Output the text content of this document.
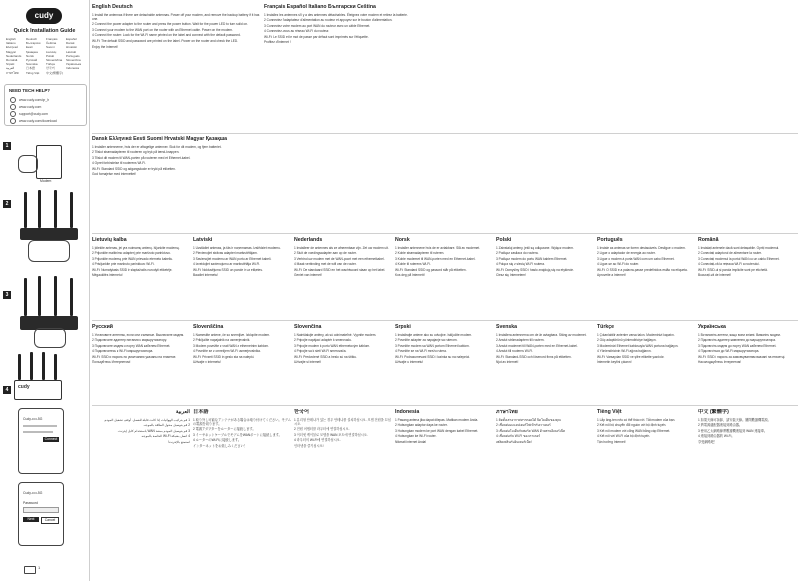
cudy
Quick Installation Guide
English	Deutsch	Français	Español
Italiano	Български	Čeština	Dansk
Ελληνικά	Eesti	Suomi	Hrvatski
Magyar	Қазақша	Lietuvių	Latviski
Nederlands	Norsk	Polski	Português
Română	Русский	Slovenščina	Slovenčina
Srpski	Svenska	Türkçe	Українська
العربية	日本語	한국어	Indonesia
ภาษาไทย	Tiếng Việt	中文(繁體字)
NEED TECH HELP?
www.cudy.com/qr_h
www.cudy.com
support@cudy.com
www.cudy.com/download
1
Modem
2
3
4	cudy
Cudy-••••-5G
Connect
Cudy-••••-5G
Password
Next	Cancel
1
English Deutsch

1 Install the antennas if there are detachable antennas. Power off your modem, and remove the backup battery if it has one.

2 Connect the power adapter to the router and press the power button. Wait for the power LED to turn solid on.

3 Connect your modem to the WAN port on the router with an Ethernet cable. Power on the modem.

4 Connect the router: Look for the Wi-Fi name printed on the label and connect with the default password.

Wi-Fi: The default SSID and password are printed on the label. Power on the router and check the LED.

Enjoy the Internet!

Français Español Italiano Български Čeština

1 Installez les antennes s'il y a des antennes détachables. Éteignez votre modem et retirez la batterie.

2 Connectez l'adaptateur d'alimentation au routeur et appuyez sur le bouton d'alimentation.

3 Connectez votre modem au port WAN du routeur avec un câble Ethernet.

4 Connectez-vous au réseau Wi-Fi du routeur.

Wi-Fi: Le SSID et le mot de passe par défaut sont imprimés sur l'étiquette.

Profitez d'Internet !

Dansk Ελληνικά Eesti Suomi Hrvatski Magyar Қазақша

1 Installer antennerne, hvis der er aftagelige antenner. Sluk for dit modem, og fjern batteriet.

2 Tilslut strømadapteren til routeren og tryk på tænd-knappen.

3 Tilslut dit modem til WAN-porten på routeren med et Ethernet-kabel.

4 Opret forbindelse til routerens Wi-Fi.

Wi-Fi: Standard SSID og adgangskode er trykt på etiketten.

God fornøjelse med internettet!

Lietuvių kalba

1 Įdiekite antenas, jei yra nuimamų antenų. Išjunkite modemą.

2 Prijunkite maitinimo adapterį prie maršruto parinktuvo.

3 Prijunkite modemą prie WAN prievado eterneto kabeliu.

4 Prisijunkite prie maršruto parinktuvo Wi-Fi.

Wi-Fi: Numatytasis SSID ir slaptažodis nurodyti etiketėje.

Mėgaukitės internetu!

Latviski

1 Uzstādiet antenas, ja tās ir noņemamas. Izslēdziet modemu.

2 Pievienojiet strāvas adapteri maršrutētājam.

3 Savienojiet modemu ar WAN portu ar Ethernet kabeli.

4 Izveidojiet savienojumu ar maršrutētāja Wi-Fi.

Wi-Fi: Noklusējuma SSID un parole ir uz etiķetes.

Baudiet internetu!

Nederlands

1 Installeer de antennes als ze afneembaar zijn. Zet uw modem uit.

2 Sluit de voedingsadapter aan op de router.

3 Verbind uw modem met de WAN-poort met een ethernetkabel.

4 Maak verbinding met de wifi van de router.

Wi-Fi: De standaard SSID en het wachtwoord staan op het label.

Geniet van internet!

Norsk

1 Installer antennene hvis de er avtakbare. Slå av modemet.

2 Koble strømadapteren til ruteren.

3 Koble modemet til WAN-porten med en Ethernet-kabel.

4 Koble til ruterens Wi-Fi.

Wi-Fi: Standard SSID og passord står på etiketten.

Kos deg på Internett!

Polski

1 Zainstaluj anteny, jeśli są odłączane. Wyłącz modem.

2 Podłącz zasilacz do routera.

3 Podłącz modem do portu WAN kablem Ethernet.

4 Połącz się z siecią Wi-Fi routera.

Wi-Fi: Domyślny SSID i hasło znajdują się na etykiecie.

Ciesz się Internetem!

Português

1 Instale as antenas se forem destacáveis. Desligue o modem.

2 Ligue o adaptador de energia ao router.

3 Ligue o modem à porta WAN com um cabo Ethernet.

4 Ligue-se ao Wi-Fi do router.

Wi-Fi: O SSID e a palavra-passe predefinidos estão na etiqueta.

Aproveite a Internet!

Română

1 Instalați antenele dacă sunt detașabile. Opriți modemul.

2 Conectați adaptorul de alimentare la router.

3 Conectați modemul la portul WAN cu un cablu Ethernet.

4 Conectați-vă la rețeaua Wi-Fi a routerului.

Wi-Fi: SSID-ul și parola implicite sunt pe etichetă.

Bucurați-vă de internet!

Русский

1 Установите антенны, если они съемные. Выключите модем.

2 Подключите адаптер питания к маршрутизатору.

3 Подключите модем к порту WAN кабелем Ethernet.

4 Подключитесь к Wi-Fi маршрутизатора.

Wi-Fi: SSID и пароль по умолчанию указаны на этикетке.

Пользуйтесь Интернетом!

Slovenščina

1 Namestite antene, če so snemljive. Izklopite modem.

2 Priključite napajalnik na usmerjevalnik.

3 Modem povežite z vrati WAN z ethernetnim kablom.

4 Povežite se z omrežjem Wi-Fi usmerjevalnika.

Wi-Fi: Privzeti SSID in geslo sta na nalepki.

Uživajte v internetu!

Slovenčina

1 Nainštalujte antény, ak sú odnímateľné. Vypnite modem.

2 Pripojte napájací adaptér k smerovaču.

3 Pripojte modem k portu WAN ethernetovým káblom.

4 Pripojte sa k sieti Wi-Fi smerovača.

Wi-Fi: Predvolené SSID a heslo sú na štítku.

Užívajte si internet!

Srpski

1 Instalirajte antene ako su odvojive. Isključite modem.

2 Povežite adapter za napajanje sa ruterom.

3 Povežite modem sa WAN portom Ethernet kablom.

4 Povežite se na Wi-Fi mrežu rutera.

Wi-Fi: Podrazumevani SSID i lozinka su na nalepnici.

Uživajte u internetu!

Svenska

1 Installera antennerna om de är avtagbara. Stäng av modemet.

2 Anslut strömadaptern till routern.

3 Anslut modemet till WAN-porten med en Ethernet-kabel.

4 Anslut till routerns Wi-Fi.

Wi-Fi: Standard-SSID och lösenord finns på etiketten.

Njut av internet!

Türkçe

1 Çıkarılabilir antenler varsa takın. Modeminizi kapatın.

2 Güç adaptörünü yönlendiriciye bağlayın.

3 Modeminizi Ethernet kablosuyla WAN portuna bağlayın.

4 Yönlendiricinin Wi-Fi ağına bağlanın.

Wi-Fi: Varsayılan SSID ve şifre etikette yazılıdır.

İnternetin keyfini çıkarın!

Українська

1 Встановіть антени, якщо вони знімні. Вимкніть модем.

2 Підключіть адаптер живлення до маршрутизатора.

3 Підключіть модем до порту WAN кабелем Ethernet.

4 Підключіться до Wi-Fi маршрутизатора.

Wi-Fi: SSID і пароль за замовчуванням вказані на етикетці.

Насолоджуйтесь Інтернетом!

العربية

1 قم بتركيب الهوائيات إذا كانت قابلة للفصل. أوقف تشغيل المودم.

2 قم بتوصيل محول الطاقة بالموجه.

3 قم بتوصيل المودم بمنفذ WAN باستخدام كابل إيثرنت.

4 اتصل بشبكة Wi-Fi الخاصة بالموجه.

استمتع بالإنترنت!

日本語

1 取り外し可能なアンテナがある場合は取り付けてください。モデムの電源を切ります。

2 電源アダプターをルーターに接続します。

3 イーサネットケーブルでモデムをWANポートに接続します。

4 ルーターのWi-Fiに接続します。

インターネットをお楽しみください！

한국어

1 분리형 안테나가 있는 경우 안테나를 설치하십시오. 모뎀 전원을 끄십시오.

2 전원 어댑터를 라우터에 연결하십시오.

3 이더넷 케이블로 모뎀을 WAN 포트에 연결하십시오.

4 라우터의 Wi-Fi에 연결하십시오.

인터넷을 즐기십시오!

Indonesia

1 Pasang antena jika dapat dilepas. Matikan modem Anda.

2 Hubungkan adaptor daya ke router.

3 Hubungkan modem ke port WAN dengan kabel Ethernet.

4 Hubungkan ke Wi-Fi router.

Nikmati internet Anda!

ภาษาไทย

1 ติดตั้งเสาอากาศหากถอดได้ ปิดโมเด็มของคุณ

2 เชื่อมต่ออะแดปเตอร์ไฟเข้ากับเราเตอร์

3 เชื่อมต่อโมเด็มกับพอร์ต WAN ด้วยสายอีเธอร์เน็ต

4 เชื่อมต่อกับ Wi-Fi ของเราเตอร์

เพลิดเพลินกับอินเทอร์เน็ต!

Tiếng Việt

1 Lắp ăng-ten nếu có thể tháo rời. Tắt modem của bạn.

2 Kết nối bộ chuyển đổi nguồn với bộ định tuyến.

3 Kết nối modem với cổng WAN bằng cáp Ethernet.

4 Kết nối với Wi-Fi của bộ định tuyến.

Tận hưởng Internet!

中文 (繁體字)

1 如果天線可拆卸，請安裝天線。關閉數據機電源。

2 將電源適配器連接到路由器。

3 使用乙太網路線將數據機連接到 WAN 連接埠。

4 連接到路由器的 Wi-Fi。

享受網路吧！
